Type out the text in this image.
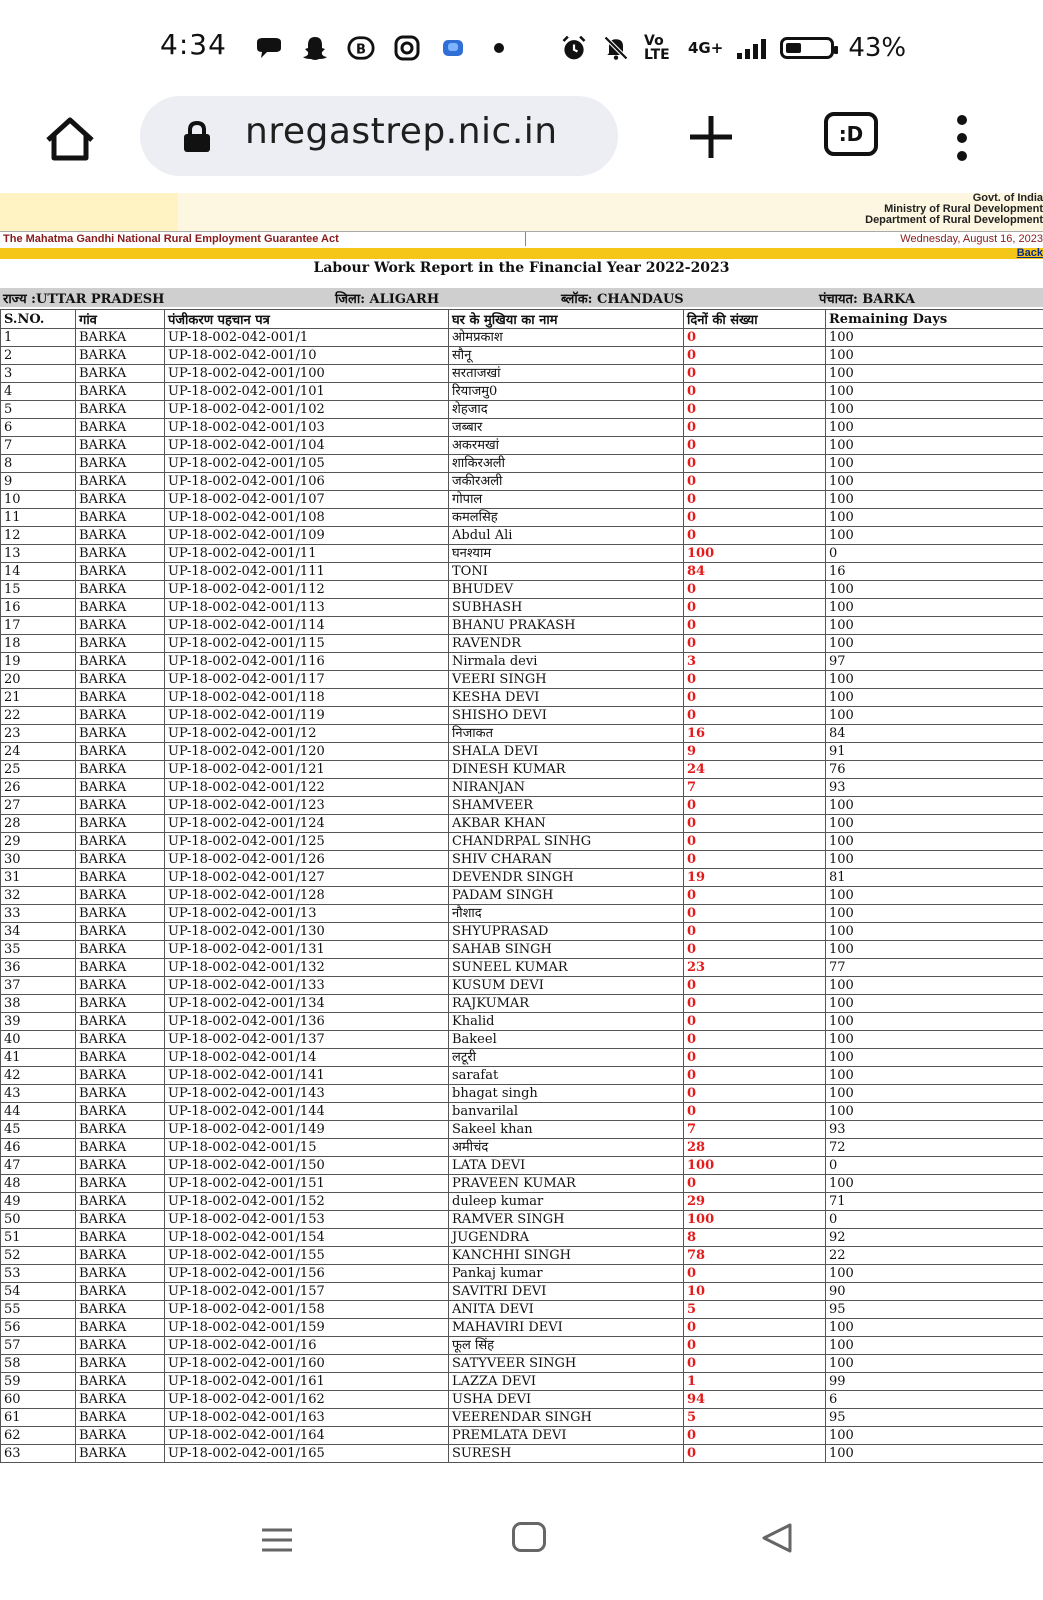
4:34	B
Vo LTE 4G+	43%
nregastrep.nic.in	:D
Govt. of India
Ministry of Rural Development
Department of Rural Development
The Mahatma Gandhi National Rural Employment Guarantee Act	Wednesday, August 16, 2023
Back
Labour Work Report in the Financial Year 2022-2023
राज्य :UTTAR PRADESH	जिला: ALIGARH	ब्लॉक: CHANDAUS	पंचायत: BARKA
S.NO.	गांव	पंजीकरण पहचान पत्र	घर के मुखिया का नाम	दिनों की संख्या	Remaining Days
1	BARKA	UP-18-002-042-001/1	ओमप्रकाश	0	100
2	BARKA	UP-18-002-042-001/10	सौनू	0	100
3	BARKA	UP-18-002-042-001/100	सरताजखां	0	100
4	BARKA	UP-18-002-042-001/101	रियाजमु0	0	100
5	BARKA	UP-18-002-042-001/102	शेहजाद	0	100
6	BARKA	UP-18-002-042-001/103	जब्बार	0	100
7	BARKA	UP-18-002-042-001/104	अकरमखां	0	100
8	BARKA	UP-18-002-042-001/105	शाकिरअली	0	100
9	BARKA	UP-18-002-042-001/106	जकीरअली	0	100
10	BARKA	UP-18-002-042-001/107	गोपाल	0	100
11	BARKA	UP-18-002-042-001/108	कमलसिह	0	100
12	BARKA	UP-18-002-042-001/109	Abdul Ali	0	100
13	BARKA	UP-18-002-042-001/11	घनश्याम	100	0
14	BARKA	UP-18-002-042-001/111	TONI	84	16
15	BARKA	UP-18-002-042-001/112	BHUDEV	0	100
16	BARKA	UP-18-002-042-001/113	SUBHASH	0	100
17	BARKA	UP-18-002-042-001/114	BHANU PRAKASH	0	100
18	BARKA	UP-18-002-042-001/115	RAVENDR	0	100
19	BARKA	UP-18-002-042-001/116	Nirmala devi	3	97
20	BARKA	UP-18-002-042-001/117	VEERI SINGH	0	100
21	BARKA	UP-18-002-042-001/118	KESHA DEVI	0	100
22	BARKA	UP-18-002-042-001/119	SHISHO DEVI	0	100
23	BARKA	UP-18-002-042-001/12	निजाकत	16	84
24	BARKA	UP-18-002-042-001/120	SHALA DEVI	9	91
25	BARKA	UP-18-002-042-001/121	DINESH KUMAR	24	76
26	BARKA	UP-18-002-042-001/122	NIRANJAN	7	93
27	BARKA	UP-18-002-042-001/123	SHAMVEER	0	100
28	BARKA	UP-18-002-042-001/124	AKBAR KHAN	0	100
29	BARKA	UP-18-002-042-001/125	CHANDRPAL SINHG	0	100
30	BARKA	UP-18-002-042-001/126	SHIV CHARAN	0	100
31	BARKA	UP-18-002-042-001/127	DEVENDR SINGH	19	81
32	BARKA	UP-18-002-042-001/128	PADAM SINGH	0	100
33	BARKA	UP-18-002-042-001/13	नौशाद	0	100
34	BARKA	UP-18-002-042-001/130	SHYUPRASAD	0	100
35	BARKA	UP-18-002-042-001/131	SAHAB SINGH	0	100
36	BARKA	UP-18-002-042-001/132	SUNEEL KUMAR	23	77
37	BARKA	UP-18-002-042-001/133	KUSUM DEVI	0	100
38	BARKA	UP-18-002-042-001/134	RAJKUMAR	0	100
39	BARKA	UP-18-002-042-001/136	Khalid	0	100
40	BARKA	UP-18-002-042-001/137	Bakeel	0	100
41	BARKA	UP-18-002-042-001/14	लटूरी	0	100
42	BARKA	UP-18-002-042-001/141	sarafat	0	100
43	BARKA	UP-18-002-042-001/143	bhagat singh	0	100
44	BARKA	UP-18-002-042-001/144	banvarilal	0	100
45	BARKA	UP-18-002-042-001/149	Sakeel khan	7	93
46	BARKA	UP-18-002-042-001/15	अमीचंद	28	72
47	BARKA	UP-18-002-042-001/150	LATA DEVI	100	0
48	BARKA	UP-18-002-042-001/151	PRAVEEN KUMAR	0	100
49	BARKA	UP-18-002-042-001/152	duleep kumar	29	71
50	BARKA	UP-18-002-042-001/153	RAMVER SINGH	100	0
51	BARKA	UP-18-002-042-001/154	JUGENDRA	8	92
52	BARKA	UP-18-002-042-001/155	KANCHHI SINGH	78	22
53	BARKA	UP-18-002-042-001/156	Pankaj kumar	0	100
54	BARKA	UP-18-002-042-001/157	SAVITRI DEVI	10	90
55	BARKA	UP-18-002-042-001/158	ANITA DEVI	5	95
56	BARKA	UP-18-002-042-001/159	MAHAVIRI DEVI	0	100
57	BARKA	UP-18-002-042-001/16	फूल सिंह	0	100
58	BARKA	UP-18-002-042-001/160	SATYVEER SINGH	0	100
59	BARKA	UP-18-002-042-001/161	LAZZA DEVI	1	99
60	BARKA	UP-18-002-042-001/162	USHA DEVI	94	6
61	BARKA	UP-18-002-042-001/163	VEERENDAR SINGH	5	95
62	BARKA	UP-18-002-042-001/164	PREMLATA DEVI	0	100
63	BARKA	UP-18-002-042-001/165	SURESH	0	100
